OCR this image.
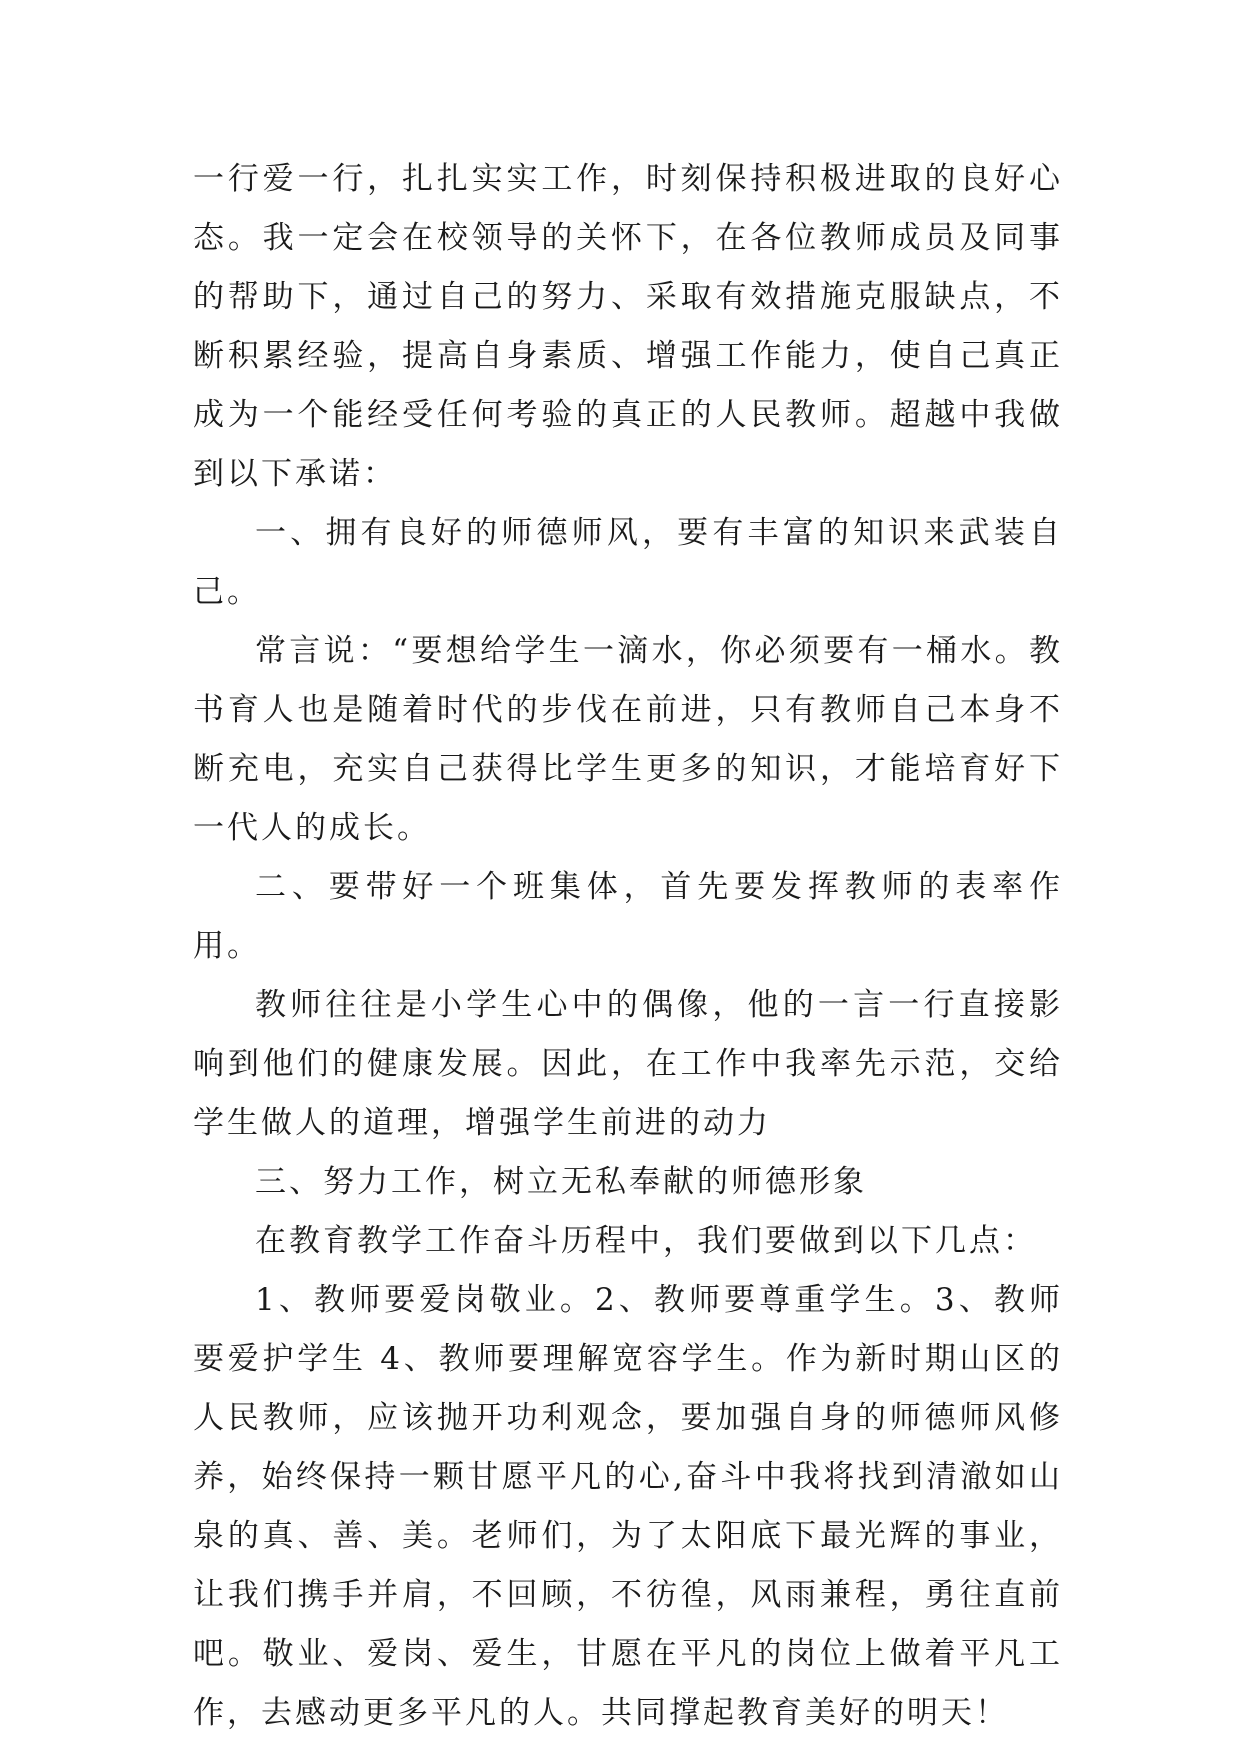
一行爱一行，扎扎实实工作，时刻保持积极进取的良好心态。我一定会在校领导的关怀下，在各位教师成员及同事的帮助下，通过自己的努力、采取有效措施克服缺点，不断积累经验，提高自身素质、增强工作能力，使自己真正成为一个能经受任何考验的真正的人民教师。超越中我做到以下承诺：

一、拥有良好的师德师风，要有丰富的知识来武装自己。

常言说：“要想给学生一滴水，你必须要有一桶水。教书育人也是随着时代的步伐在前进，只有教师自己本身不断充电，充实自己获得比学生更多的知识，才能培育好下一代人的成长。

二、要带好一个班集体，首先要发挥教师的表率作用。

教师往往是小学生心中的偶像，他的一言一行直接影响到他们的健康发展。因此，在工作中我率先示范，交给学生做人的道理，增强学生前进的动力

三、努力工作，树立无私奉献的师德形象

在教育教学工作奋斗历程中，我们要做到以下几点：

1、教师要爱岗敬业。2、教师要尊重学生。3、教师要爱护学生 4、教师要理解宽容学生。作为新时期山区的人民教师，应该抛开功利观念，要加强自身的师德师风修养，始终保持一颗甘愿平凡的心,奋斗中我将找到清澈如山泉的真、善、美。老师们，为了太阳底下最光辉的事业，让我们携手并肩，不回顾，不彷徨，风雨兼程，勇往直前吧。敬业、爱岗、爱生，甘愿在平凡的岗位上做着平凡工作，去感动更多平凡的人。共同撑起教育美好的明天！
